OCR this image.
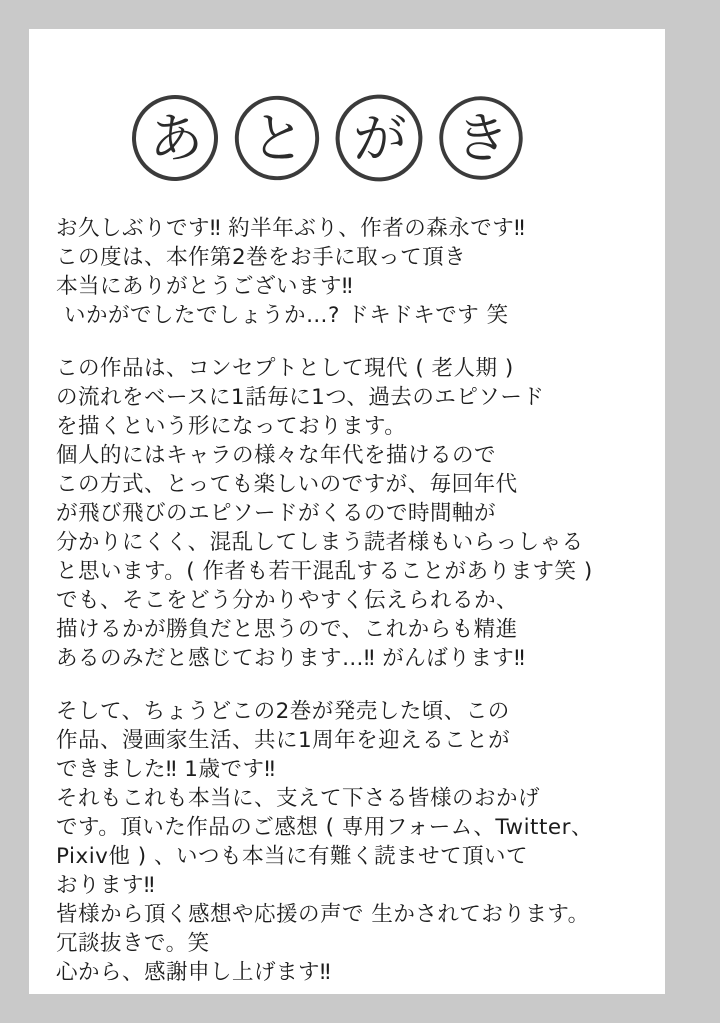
あ と が き
お久しぶりです‼ 約半年ぶり、作者の森永です‼
この度は、本作第2巻をお手に取って頂き
本当にありがとうございます‼
いかがでしたでしょうか…? ドキドキです 笑
この作品は、コンセプトとして現代 ( 老人期 )
の流れをベースに1話毎に1つ、過去のエピソード
を描くという形になっております。
個人的にはキャラの様々な年代を描けるので
この方式、とっても楽しいのですが、毎回年代
が飛び飛びのエピソードがくるので時間軸が
分かりにくく、混乱してしまう読者様もいらっしゃる
と思います。( 作者も若干混乱することがあります笑 )
でも、そこをどう分かりやすく伝えられるか、
描けるかが勝負だと思うので、これからも精進
あるのみだと感じております…‼ がんばります‼
そして、ちょうどこの2巻が発売した頃、この
作品、漫画家生活、共に1周年を迎えることが
できました‼ 1歳です‼
それもこれも本当に、支えて下さる皆様のおかげ
です。頂いた作品のご感想 ( 専用フォーム、Twitter、
Pixiv他 ) 、いつも本当に有難く読ませて頂いて
おります‼
皆様から頂く感想や応援の声で 生かされております。
冗談抜きで。笑
心から、感謝申し上げます‼
